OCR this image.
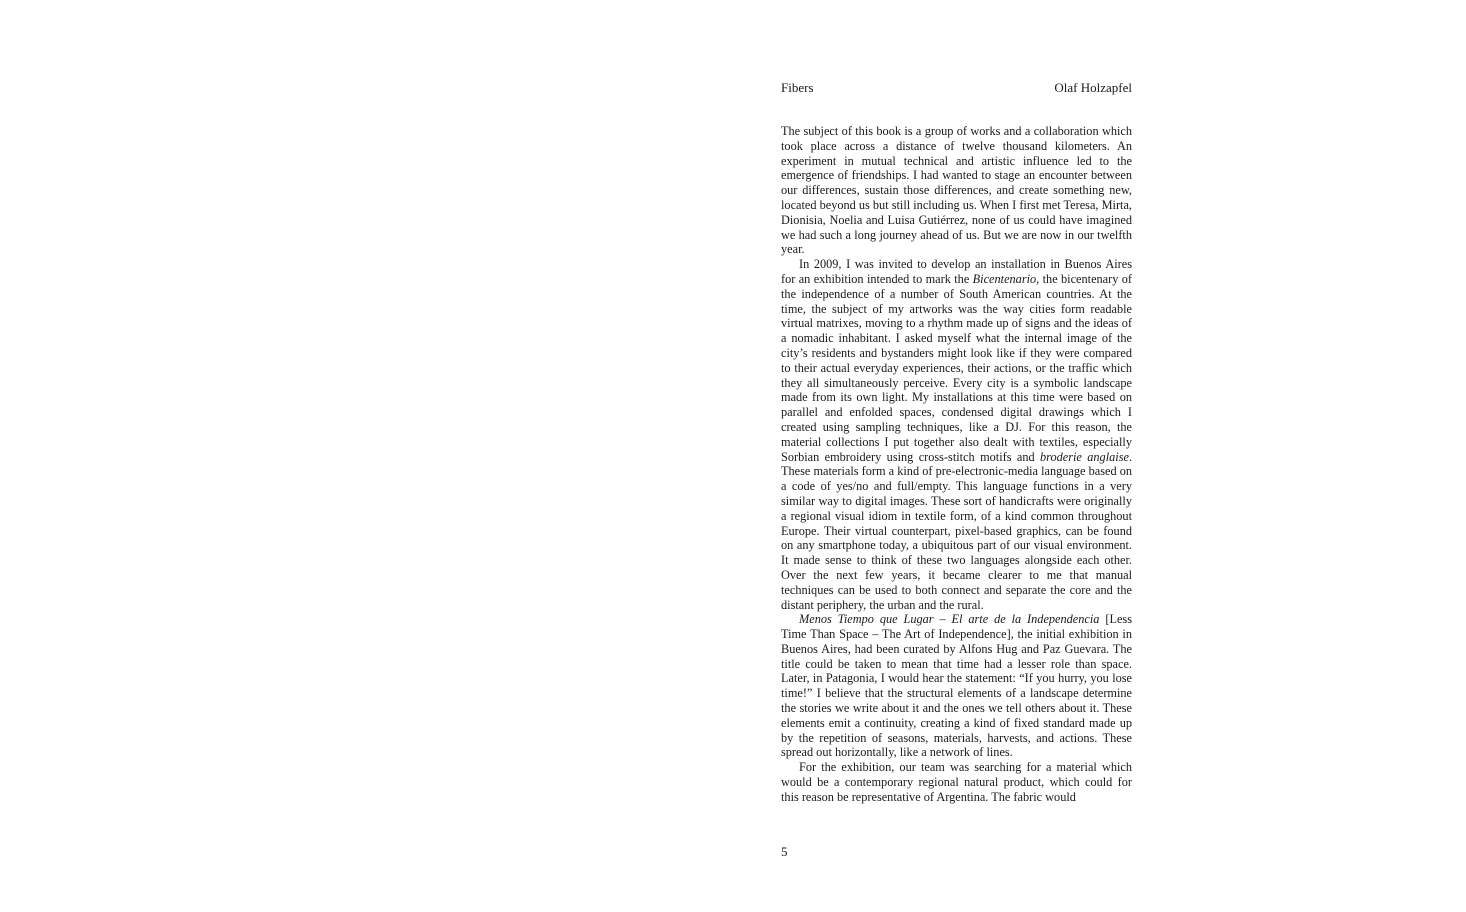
Fibers	Olaf Holzapfel

The subject of this book is a group of works and a collaboration which took place across a distance of twelve thousand kilometers. An experiment in mutual technical and artistic influence led to the emergence of friendships. I had wanted to stage an encounter between our differences, sustain those differences, and create something new, located beyond us but still including us. When I first met Teresa, Mirta, Dionisia, Noelia and Luisa Gutiérrez, none of us could have imagined we had such a long journey ahead of us. But we are now in our twelfth year.

In 2009, I was invited to develop an installation in Buenos Aires for an exhibition intended to mark the Bicentenario, the bicentenary of the independence of a number of South American countries. At the time, the subject of my artworks was the way cities form readable virtual matrixes, moving to a rhythm made up of signs and the ideas of a nomadic inhabitant. I asked myself what the internal image of the city’s residents and bystanders might look like if they were compared to their actual everyday experiences, their actions, or the traffic which they all simultaneously perceive. Every city is a symbolic landscape made from its own light. My installations at this time were based on parallel and enfolded spaces, condensed digital drawings which I created using sampling techniques, like a DJ. For this reason, the material collections I put together also dealt with textiles, especially Sorbian embroidery using cross-stitch motifs and broderie anglaise. These materials form a kind of pre-electronic-media language based on a code of yes/no and full/empty. This language functions in a very similar way to digital images. These sort of handicrafts were originally a regional visual idiom in textile form, of a kind common throughout Europe. Their virtual counterpart, pixel-based graphics, can be found on any smartphone today, a ubiquitous part of our visual environment. It made sense to think of these two languages alongside each other. Over the next few years, it became clearer to me that manual techniques can be used to both connect and separate the core and the distant periphery, the urban and the rural.

Menos Tiempo que Lugar – El arte de la Independencia [Less Time Than Space – The Art of Independence], the initial exhibition in Buenos Aires, had been curated by Alfons Hug and Paz Guevara. The title could be taken to mean that time had a lesser role than space. Later, in Patagonia, I would hear the statement: “If you hurry, you lose time!” I believe that the structural elements of a landscape determine the stories we write about it and the ones we tell others about it. These elements emit a continuity, creating a kind of fixed standard made up by the repetition of seasons, materials, harvests, and actions. These spread out horizontally, like a network of lines.

For the exhibition, our team was searching for a material which would be a contemporary regional natural product, which could for this reason be representative of Argentina. The fabric would

5
